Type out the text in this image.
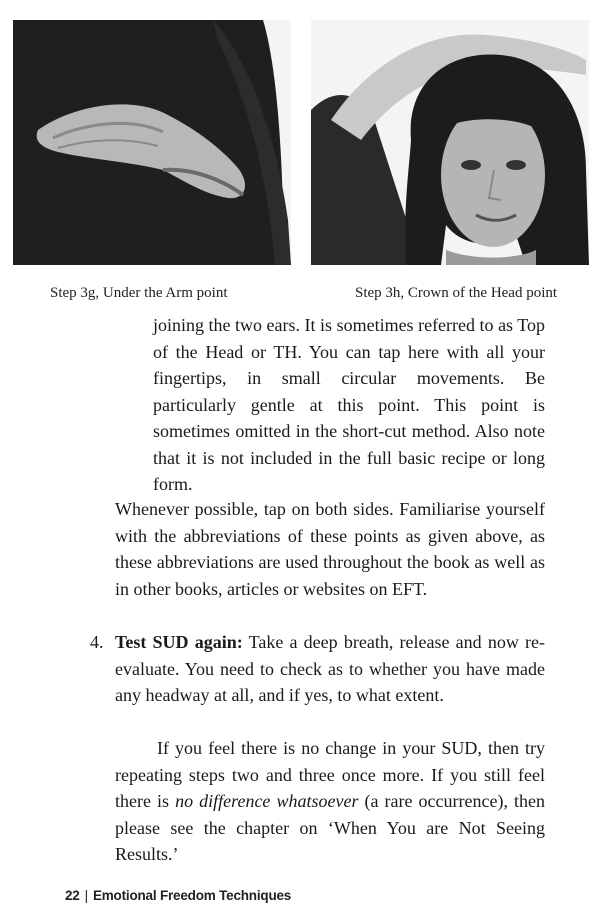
Step 3g, Under the Arm point	Step 3h, Crown of the Head point
joining the two ears. It is sometimes referred to as Top of the Head or TH. You can tap here with all your fingertips, in small circular movements. Be particularly gentle at this point. This point is sometimes omitted in the short-cut method. Also note that it is not included in the full basic recipe or long form.
Whenever possible, tap on both sides. Familiarise yourself with the abbreviations of these points as given above, as these abbreviations are used throughout the book as well as in other books, articles or websites on EFT.
4. Test SUD again: Take a deep breath, release and now re-evaluate. You need to check as to whether you have made any headway at all, and if yes, to what extent.
If you feel there is no change in your SUD, then try repeating steps two and three once more. If you still feel there is no difference whatsoever (a rare occurrence), then please see the chapter on ‘When You are Not Seeing Results.’
22 | Emotional Freedom Techniques
